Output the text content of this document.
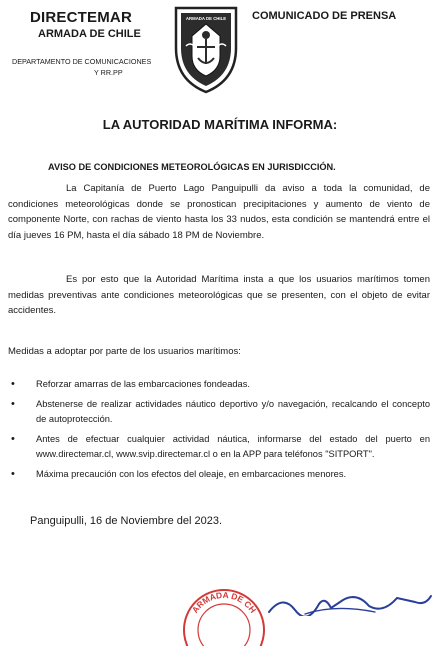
DIRECTEMAR
ARMADA DE CHILE
DEPARTAMENTO DE COMUNICACIONES
Y RR.PP
COMUNICADO DE PRENSA
ARMADA DE CHILE
LA AUTORIDAD MARÍTIMA INFORMA:
AVISO DE CONDICIONES METEOROLÓGICAS EN JURISDICCIÓN.
La Capitanía de Puerto Lago Panguipulli da aviso a toda la comunidad, de condiciones meteorológicas donde se pronostican precipitaciones y aumento de viento de componente Norte, con rachas de viento hasta los 33 nudos, esta condición se mantendrá entre el día jueves 16 PM, hasta el día sábado 18 PM de Noviembre.
Es por esto que la Autoridad Marítima insta a que los usuarios marítimos tomen medidas preventivas ante condiciones meteorológicas que se presenten, con el objeto de evitar accidentes.
Medidas a adoptar por parte de los usuarios marítimos:
• Reforzar amarras de las embarcaciones fondeadas.
• Abstenerse de realizar actividades náutico deportivo y/o navegación, recalcando el concepto de autoprotección.
• Antes de efectuar cualquier actividad náutica, informarse del estado del puerto en www.directemar.cl, www.svip.directemar.cl o en la APP para teléfonos "SITPORT".
• Máxima precaución con los efectos del oleaje, en embarcaciones menores.
Panguipulli, 16 de Noviembre del 2023.
ARMADA DE CH
